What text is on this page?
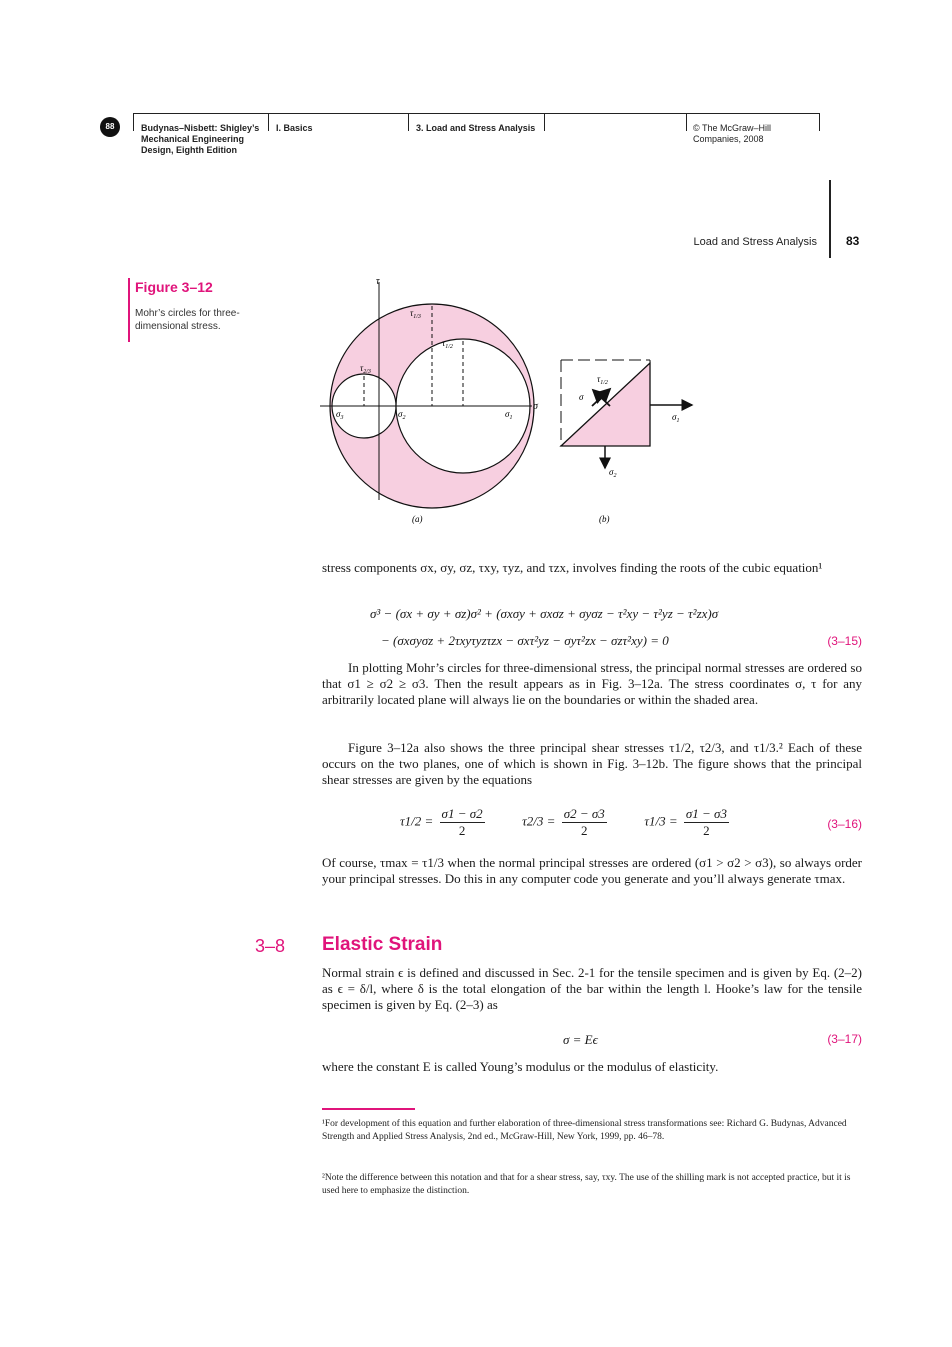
Budynas–Nisbett: Shigley’s
Mechanical Engineering
Design, Eighth Edition
I. Basics	3. Load and Stress Analysis	© The McGraw–Hill
Companies, 2008
88
Load and Stress Analysis 83
Figure 3–12
Mohr’s circles for three-dimensional stress.
τ
σ
$\tau_{1/3}$
$\tau_{1/2}$
$\tau_{2/3}$
$\sigma_3$	$\sigma_2$	$\sigma_1$
(a)
$\tau_{1/2}$
σ
$\sigma_1$
$\sigma_2$
(b)
stress components σx, σy, σz, τxy, τyz, and τzx, involves finding the roots of the cubic equation¹
σ³ − (σx + σy + σz)σ² + (σxσy + σxσz + σyσz − τ²xy − τ²yz − τ²zx)σ
− (σxσyσz + 2τxyτyzτzx − σxτ²yz − σyτ²zx − σzτ²xy) = 0	(3–15)
In plotting Mohr’s circles for three-dimensional stress, the principal normal stresses are ordered so that σ1 ≥ σ2 ≥ σ3. Then the result appears as in Fig. 3–12a. The stress coordinates σ, τ for any arbitrarily located plane will always lie on the boundaries or within the shaded area.
Figure 3–12a also shows the three principal shear stresses τ1/2, τ2/3, and τ1/3.² Each of these occurs on the two planes, one of which is shown in Fig. 3–12b. The figure shows that the principal shear stresses are given by the equations
$\tau 1/2 = \frac{\sigma 1 - \sigma 2}{2}$	$\tau 2/3 = \frac{\sigma 2 - \sigma 3}{2}$	$\tau 1/3 = \frac{\sigma 1 - \sigma 3}{2}$	(3–16)
Of course, τmax = τ1/3 when the normal principal stresses are ordered (σ1 > σ2 > σ3), so always order your principal stresses. Do this in any computer code you generate and you’ll always generate τmax.
3–8 Elastic Strain
Normal strain ϵ is defined and discussed in Sec. 2-1 for the tensile specimen and is given by Eq. (2–2) as ϵ = δ/l, where δ is the total elongation of the bar within the length l. Hooke’s law for the tensile specimen is given by Eq. (2–3) as
σ = Eϵ	(3–17)
where the constant E is called Young’s modulus or the modulus of elasticity.
¹For development of this equation and further elaboration of three-dimensional stress transformations see: Richard G. Budynas, Advanced Strength and Applied Stress Analysis, 2nd ed., McGraw-Hill, New York, 1999, pp. 46–78.
²Note the difference between this notation and that for a shear stress, say, τxy. The use of the shilling mark is not accepted practice, but it is used here to emphasize the distinction.
